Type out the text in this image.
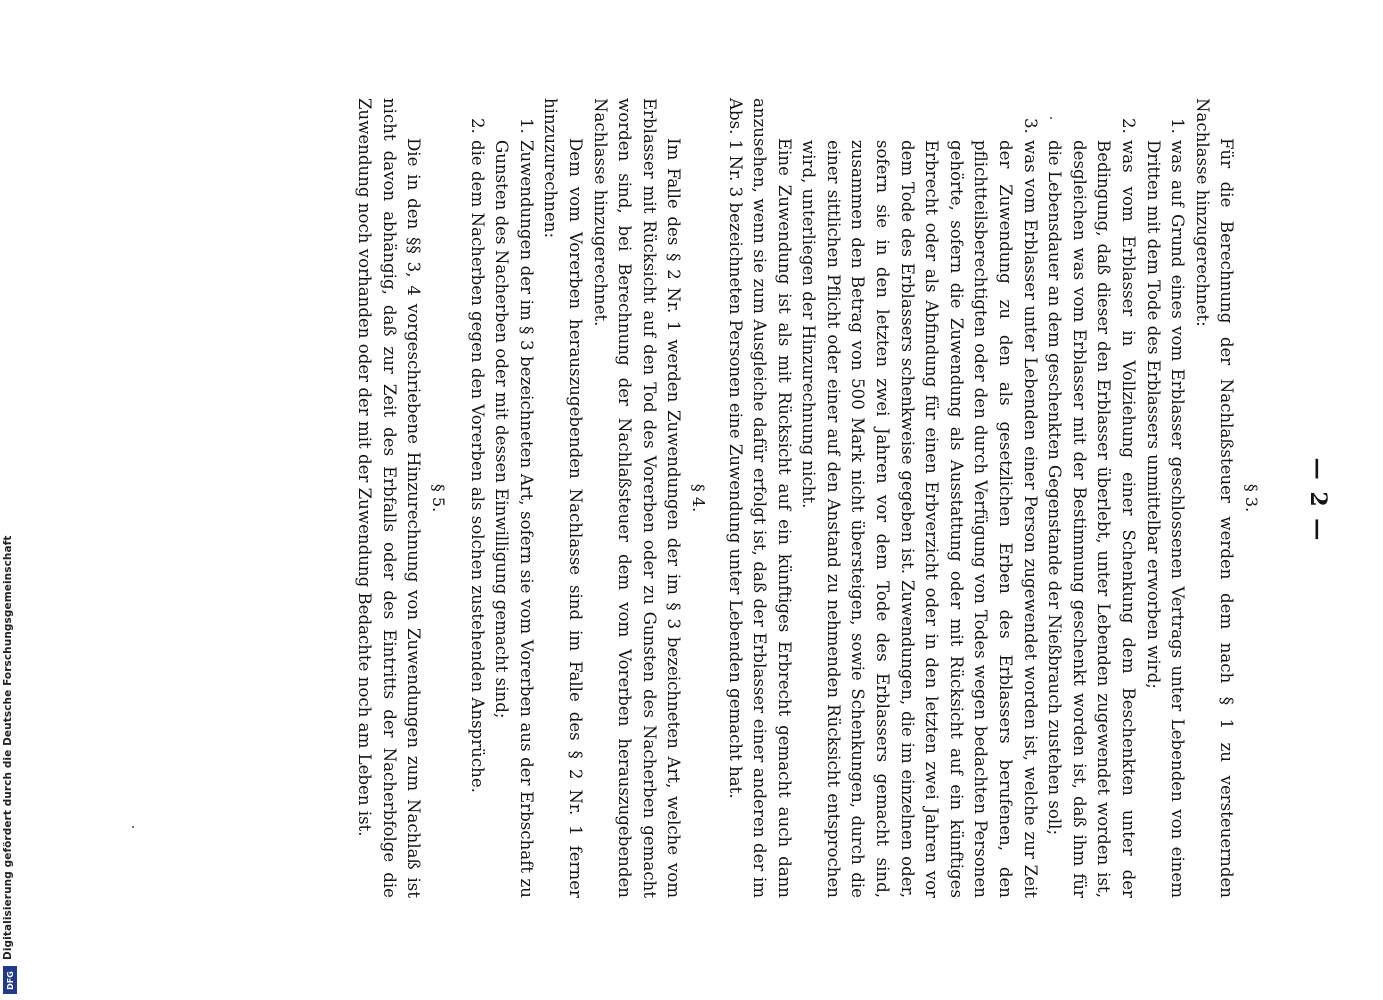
— 2 —

§ 3.

Für die Berechnung der Nachlaßsteuer werden dem nach § 1 zu versteuernden Nachlasse hinzugerechnet:

1.
was auf Grund eines vom Erblasser geschlossenen Vertrags unter Lebenden von einem Dritten mit dem Tode des Erblassers unmittelbar erworben wird;
2.
was vom Erblasser in Vollziehung einer Schenkung dem Beschenkten unter der Bedingung, daß dieser den Erblasser überlebt, unter Lebenden zugewendet worden ist, desgleichen was vom Erblasser mit der Bestimmung geschenkt worden ist, daß ihm für die Lebensdauer an dem geschenkten Gegenstande der Nießbrauch zustehen soll;
3.
was vom Erblasser unter Lebenden einer Person zugewendet worden ist, welche zur Zeit der Zuwendung zu den als gesetzlichen Erben des Erblassers berufenen, den pflichtteilsberechtigten oder den durch Verfügung von Todes wegen bedachten Personen gehörte, sofern die Zuwendung als Ausstattung oder mit Rücksicht auf ein künftiges Erbrecht oder als Abfindung für einen Erbverzicht oder in den letzten zwei Jahren vor dem Tode des Erblassers schenkweise gegeben ist. Zuwendungen, die im einzelnen oder, sofern sie in den letzten zwei Jahren vor dem Tode des Erblassers gemacht sind, zusammen den Betrag von 500 Mark nicht übersteigen, sowie Schenkungen, durch die einer sittlichen Pflicht oder einer auf den Anstand zu nehmenden Rücksicht entsprochen wird, unterliegen der Hinzurechnung nicht.

Eine Zuwendung ist als mit Rücksicht auf ein künftiges Erbrecht gemacht auch dann anzusehen, wenn sie zum Ausgleiche dafür erfolgt ist, daß der Erblasser einer anderen der im Abs. 1 Nr. 3 bezeichneten Personen eine Zuwendung unter Lebenden gemacht hat.

§ 4.

Im Falle des § 2 Nr. 1 werden Zuwendungen der im § 3 bezeichneten Art, welche vom Erblasser mit Rücksicht auf den Tod des Vorerben oder zu Gunsten des Nacherben gemacht worden sind, bei Berechnung der Nachlaßsteuer dem vom Vorerben herauszugebenden Nachlasse hinzugerechnet.

Dem vom Vorerben herauszugebenden Nachlasse sind im Falle des § 2 Nr. 1 ferner hinzuzurechnen:

1.
Zuwendungen der im § 3 bezeichneten Art, sofern sie vom Vorerben aus der Erbschaft zu Gunsten des Nacherben oder mit dessen Einwilligung gemacht sind;
2.
die dem Nacherben gegen den Vorerben als solchen zustehenden Ansprüche.

§ 5.

Die in den §§ 3, 4 vorgeschriebene Hinzurechnung von Zuwendungen zum Nachlaß ist nicht davon abhängig, daß zur Zeit des Erbfalls oder des Eintritts der Nacherbfolge die Zuwendung noch vorhanden oder der mit der Zuwendung Bedachte noch am Leben ist.

Digitalisierung gefördert durch die Deutsche Forschungsgemeinschaft
DFG
